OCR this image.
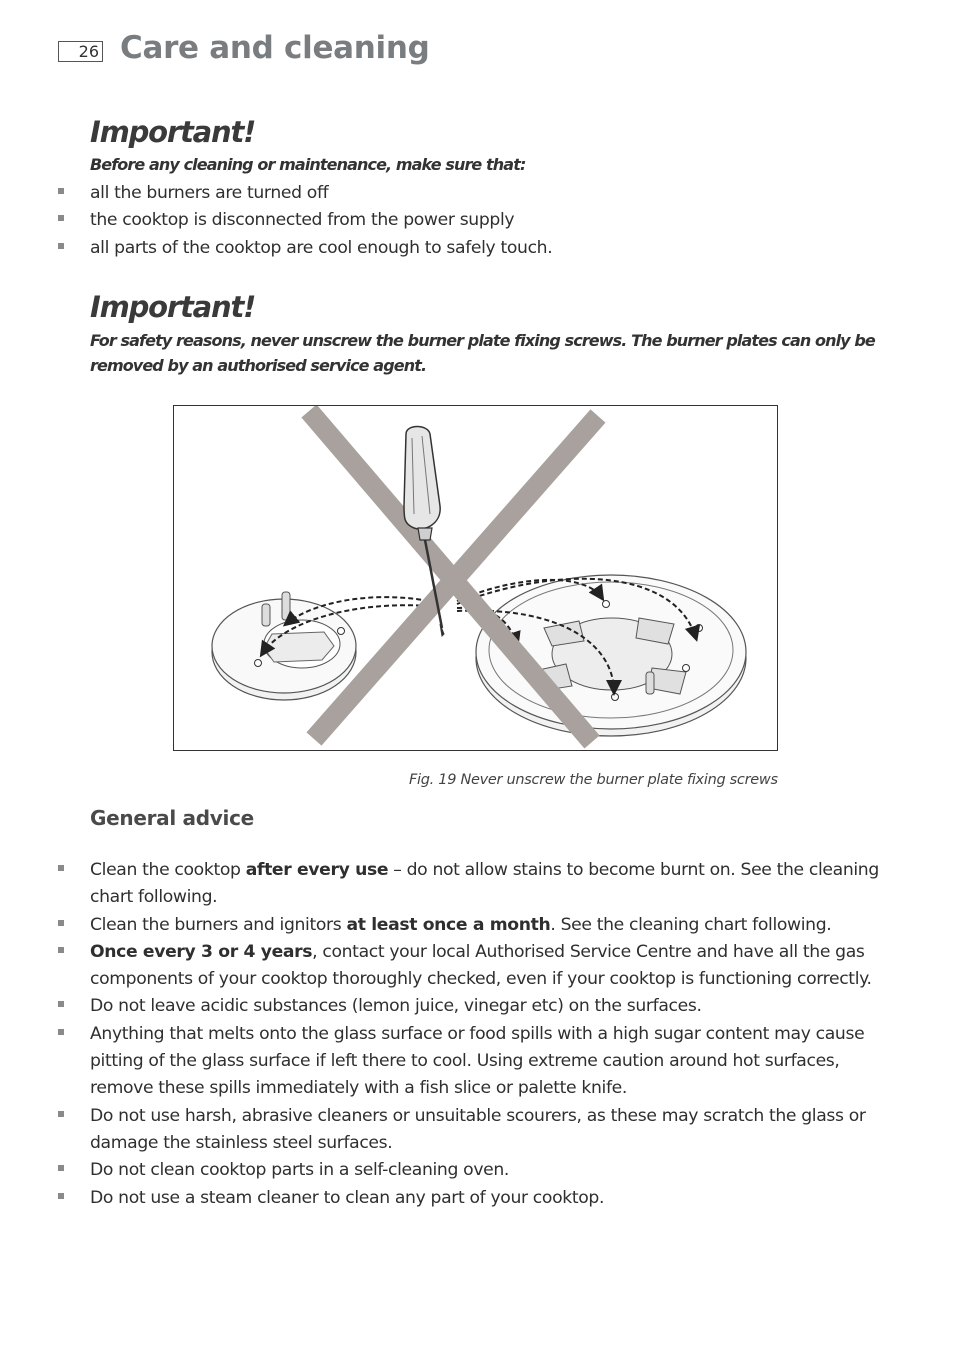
26 Care and cleaning
Important!
Before any cleaning or maintenance, make sure that:
all the burners are turned off
the cooktop is disconnected from the power supply
all parts of the cooktop are cool enough to safely touch.
Important!
For safety reasons, never unscrew the burner plate fixing screws. The burner plates can only be removed by an authorised service agent.
Fig. 19 Never unscrew the burner plate fixing screws
General advice
Clean the cooktop after every use – do not allow stains to become burnt on. See the cleaning chart following.
Clean the burners and ignitors at least once a month. See the cleaning chart following.
Once every 3 or 4 years, contact your local Authorised Service Centre and have all the gas components of your cooktop thoroughly checked, even if your cooktop is functioning correctly.
Do not leave acidic substances (lemon juice, vinegar etc) on the surfaces.
Anything that melts onto the glass surface or food spills with a high sugar content may cause pitting of the glass surface if left there to cool. Using extreme caution around hot surfaces, remove these spills immediately with a fish slice or palette knife.
Do not use harsh, abrasive cleaners or unsuitable scourers, as these may scratch the glass or damage the stainless steel surfaces.
Do not clean cooktop parts in a self-cleaning oven.
Do not use a steam cleaner to clean any part of your cooktop.
